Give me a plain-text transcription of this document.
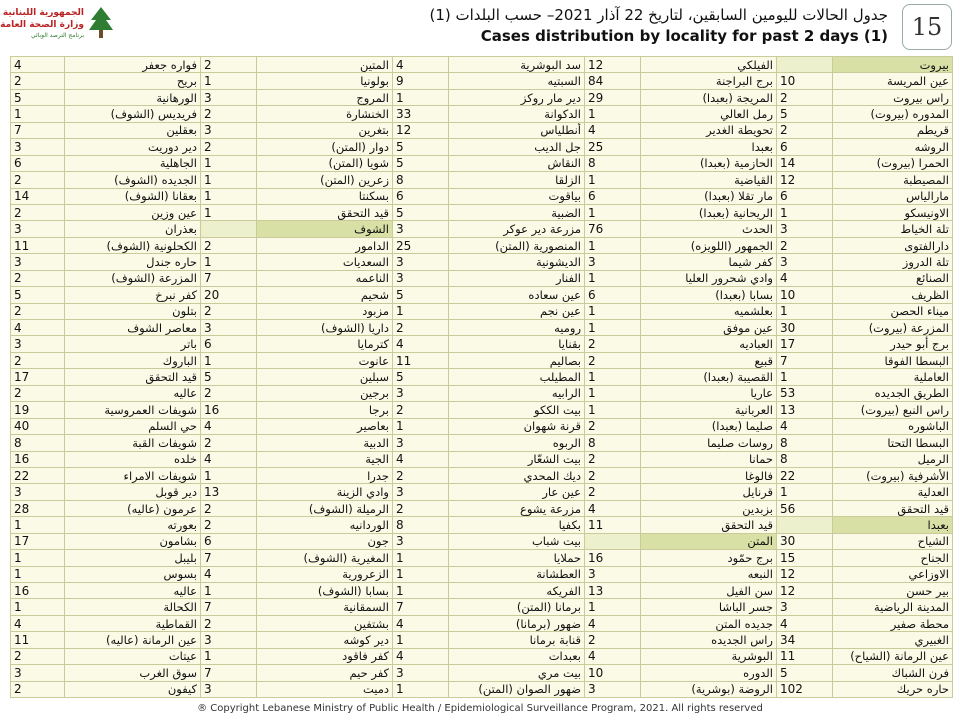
الجمهورية اللبنانية
وزارة الصحة العامة
برنامج الترصد الوبائي
جدول الحالات لليومين السابقين، لتاريخ 22 آذار 2021– حسب البلدات (1)
Cases distribution by locality for past 2 days (1) 15
4	فواره جعفر	2	المتين	4	سد البوشرية	12	الفيلكي		بيروت
2	بريح	1	بولونيا	9	السبتيه	84	برج البراجنة	10	عين المريسة
5	الورهانية	3	المروج	1	دير مار روكز	29	المريجة (بعبدا)	2	راس بيروت
1	فريديس (الشوف)	2	الخنشارة	33	الدكوانة	1	رمل العالي	5	المدوره (بيروت)
7	بعقلين	3	بتغرين	12	أنطلياس	4	تحويطة الغدير	2	قريطم
3	دير دوريت	2	دوار (المتن)	5	جل الديب	25	بعبدا	6	الروشه
6	الجاهلية	1	شويا (المتن)	5	النقاش	8	الحازمية (بعبدا)	14	الحمرا (بيروت)
2	الجديده (الشوف)	1	زعرين (المتن)	8	الزلقا	1	القياضية	12	المصيطبة
14	بعقانا (الشوف)	1	بسكنتا	6	بياقوت	6	مار تقلا (بعبدا)	6	مارالياس
2	عين وزين	1	قيد التحقق	5	الضبية	1	الريحانية (بعبدا)	1	الاونيسكو
3	بعذران		الشوف	3	مزرعة دير عوكر	76	الحدث	3	تلة الخياط
11	الكحلونية (الشوف)	2	الدامور	25	المنصورية (المتن)	1	الجمهور (اللويزه)	2	دارالفتوى
3	حاره جندل	1	السعديات	3	الديشونية	3	كفر شيما	3	تلة الدروز
2	المزرعة (الشوف)	7	الناعمه	3	الفنار	1	وادي شحرور العليا	4	الصنائع
5	كفر نبرخ	20	شحيم	5	عين سعاده	6	بسابا (بعبدا)	10	الظريف
2	بتلون	2	مزبود	1	عين نجم	1	بعلشميه	1	ميناء الحصن
4	معاصر الشوف	3	داريا (الشوف)	2	روميه	1	عين موفق	30	المزرعة (بيروت)
3	باتر	6	كترمايا	4	بقنايا	2	العباديه	17	برج أبو حيدر
2	الباروك	1	عانوت	11	بصاليم	2	قبيع	7	البسطا الفوقا
17	قيد التحقق	5	سبلين	5	المطيلب	1	القصيبة (بعبدا)	1	العاملية
2	عاليه	2	برجين	3	الرابيه	1	عاريا	53	الطريق الجديده
19	شويفات العمروسية	16	برجا	2	بيت الككو	1	العربانية	13	راس النبع (بيروت)
40	حي السلم	4	بعاصير	1	قرنة شهوان	2	صليما (بعبدا)	4	الباشوره
8	شويفات القبة	2	الدبية	3	الربوه	8	روسات صليما	8	البسطا التحتا
16	خلده	4	الجية	4	بيت الشعّار	2	حمانا	8	الرميل
22	شويفات الامراء	1	جدرا	2	ديك المحدي	2	فالوغا	22	الأشرفية (بيروت)
3	دير قوبل	13	وادي الزينة	3	عين عار	2	قرنايل	1	العدلية
28	عرمون (عاليه)	2	الرميلة (الشوف)	2	مزرعة يشوع	4	بزبدين	56	قيد التحقق
1	بعورته	2	الوردانيه	8	بكفيا	11	قيد التحقق		بعبدا
17	بشامون	6	جون	3	بيت شباب		المتن	30	الشياح
1	بليبل	7	المغيرية (الشوف)	1	حملايا	16	برج حمّود	15	الجناح
1	بسوس	4	الزعرورية	1	العطشانة	3	النبعه	12	الاوزاعي
16	عاليه	1	بسابا (الشوف)	1	الفريكه	13	سن الفيل	12	بير حسن
1	الكحالة	7	السمقانية	7	برمانا (المتن)	1	جسر الباشا	3	المدينة الرياضية
4	القماطية	2	بشتفين	4	ضهور (برمانا)	4	جديده المتن	4	محطة صفير
11	عين الرمانة (عاليه)	3	دير كوشه	1	قنابة برمانا	2	راس الجديده	34	الغبيري
2	عيتات	1	كفر فاقود	4	بعبدات	4	البوشرية	11	عين الرمانة (الشياح)
3	سوق الغرب	7	كفر حيم	3	بيت مري	10	الدوره	5	فرن الشباك
2	كيفون	3	دميت	1	ضهور الصوان (المتن)	3	الروضة (بوشرية)	102	حاره حريك
® Copyright Lebanese Ministry of Public Health / Epidemiological Surveillance Program, 2021. All rights reserved
